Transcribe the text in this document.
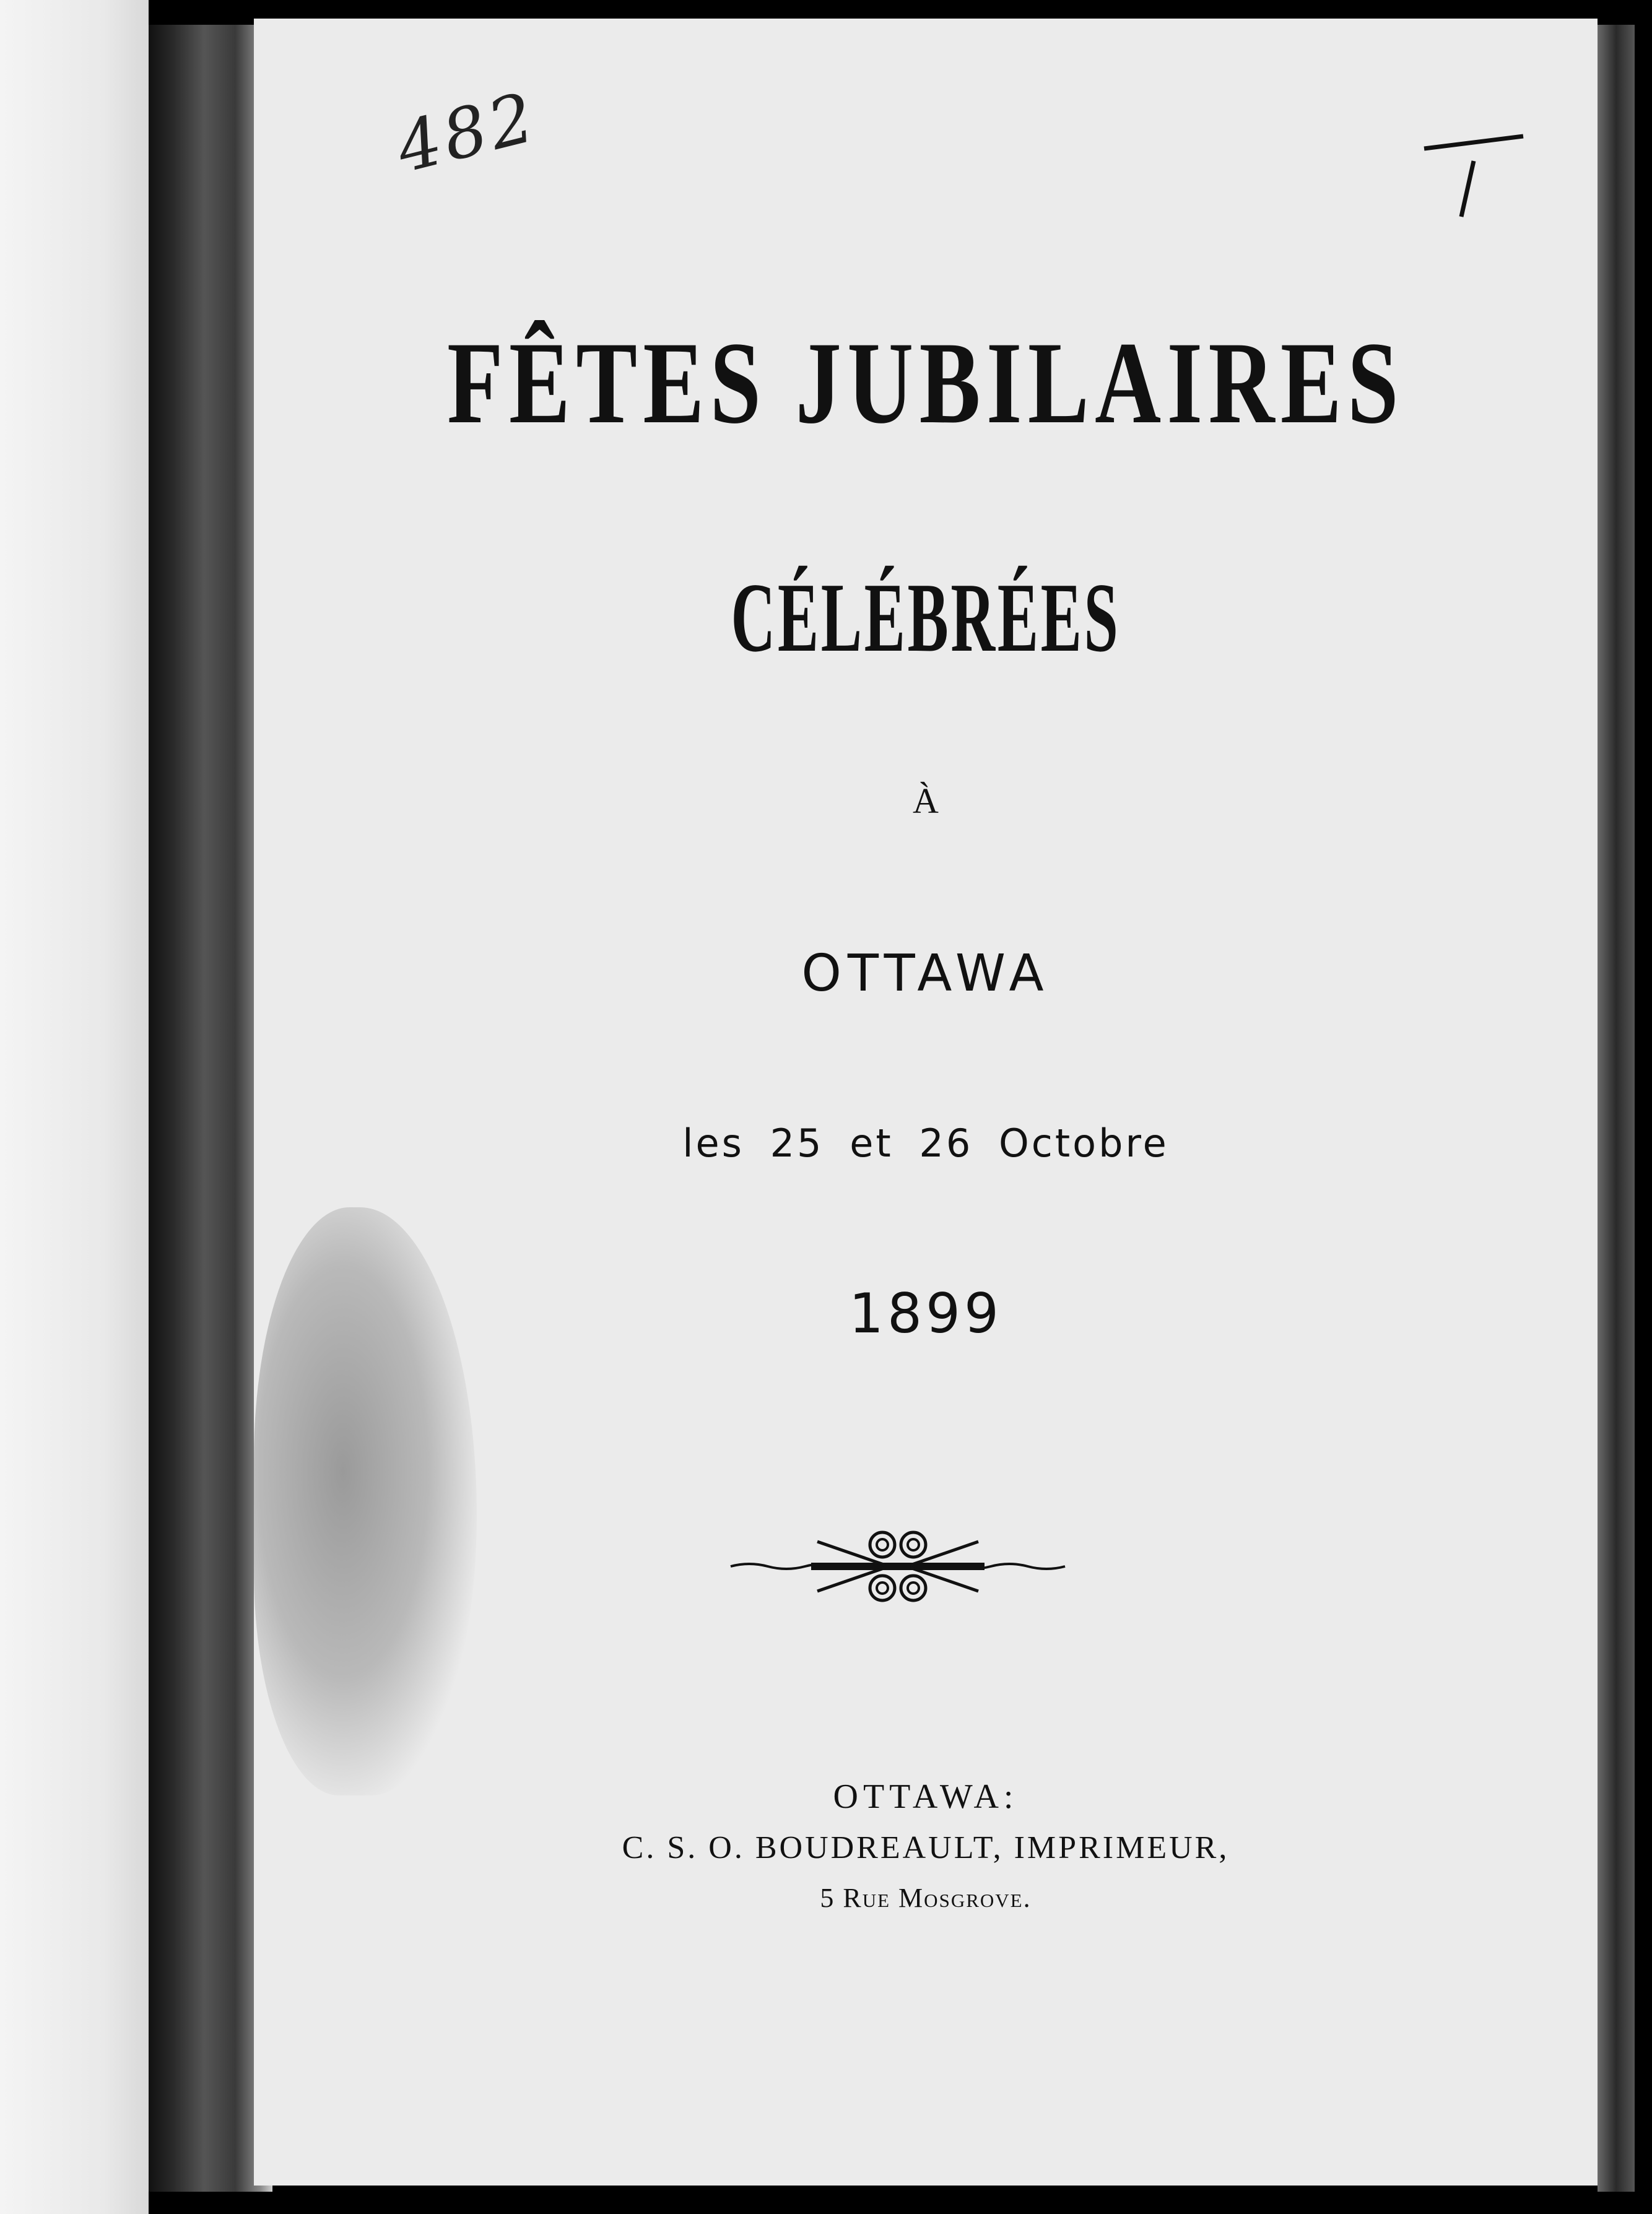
482
FÊTES JUBILAIRES
CÉLÉBRÉES
À
OTTAWA
les 25 et 26 Octobre
1899
OTTAWA:
C. S. O. BOUDREAULT, IMPRIMEUR,
5 Rue Mosgrove.
